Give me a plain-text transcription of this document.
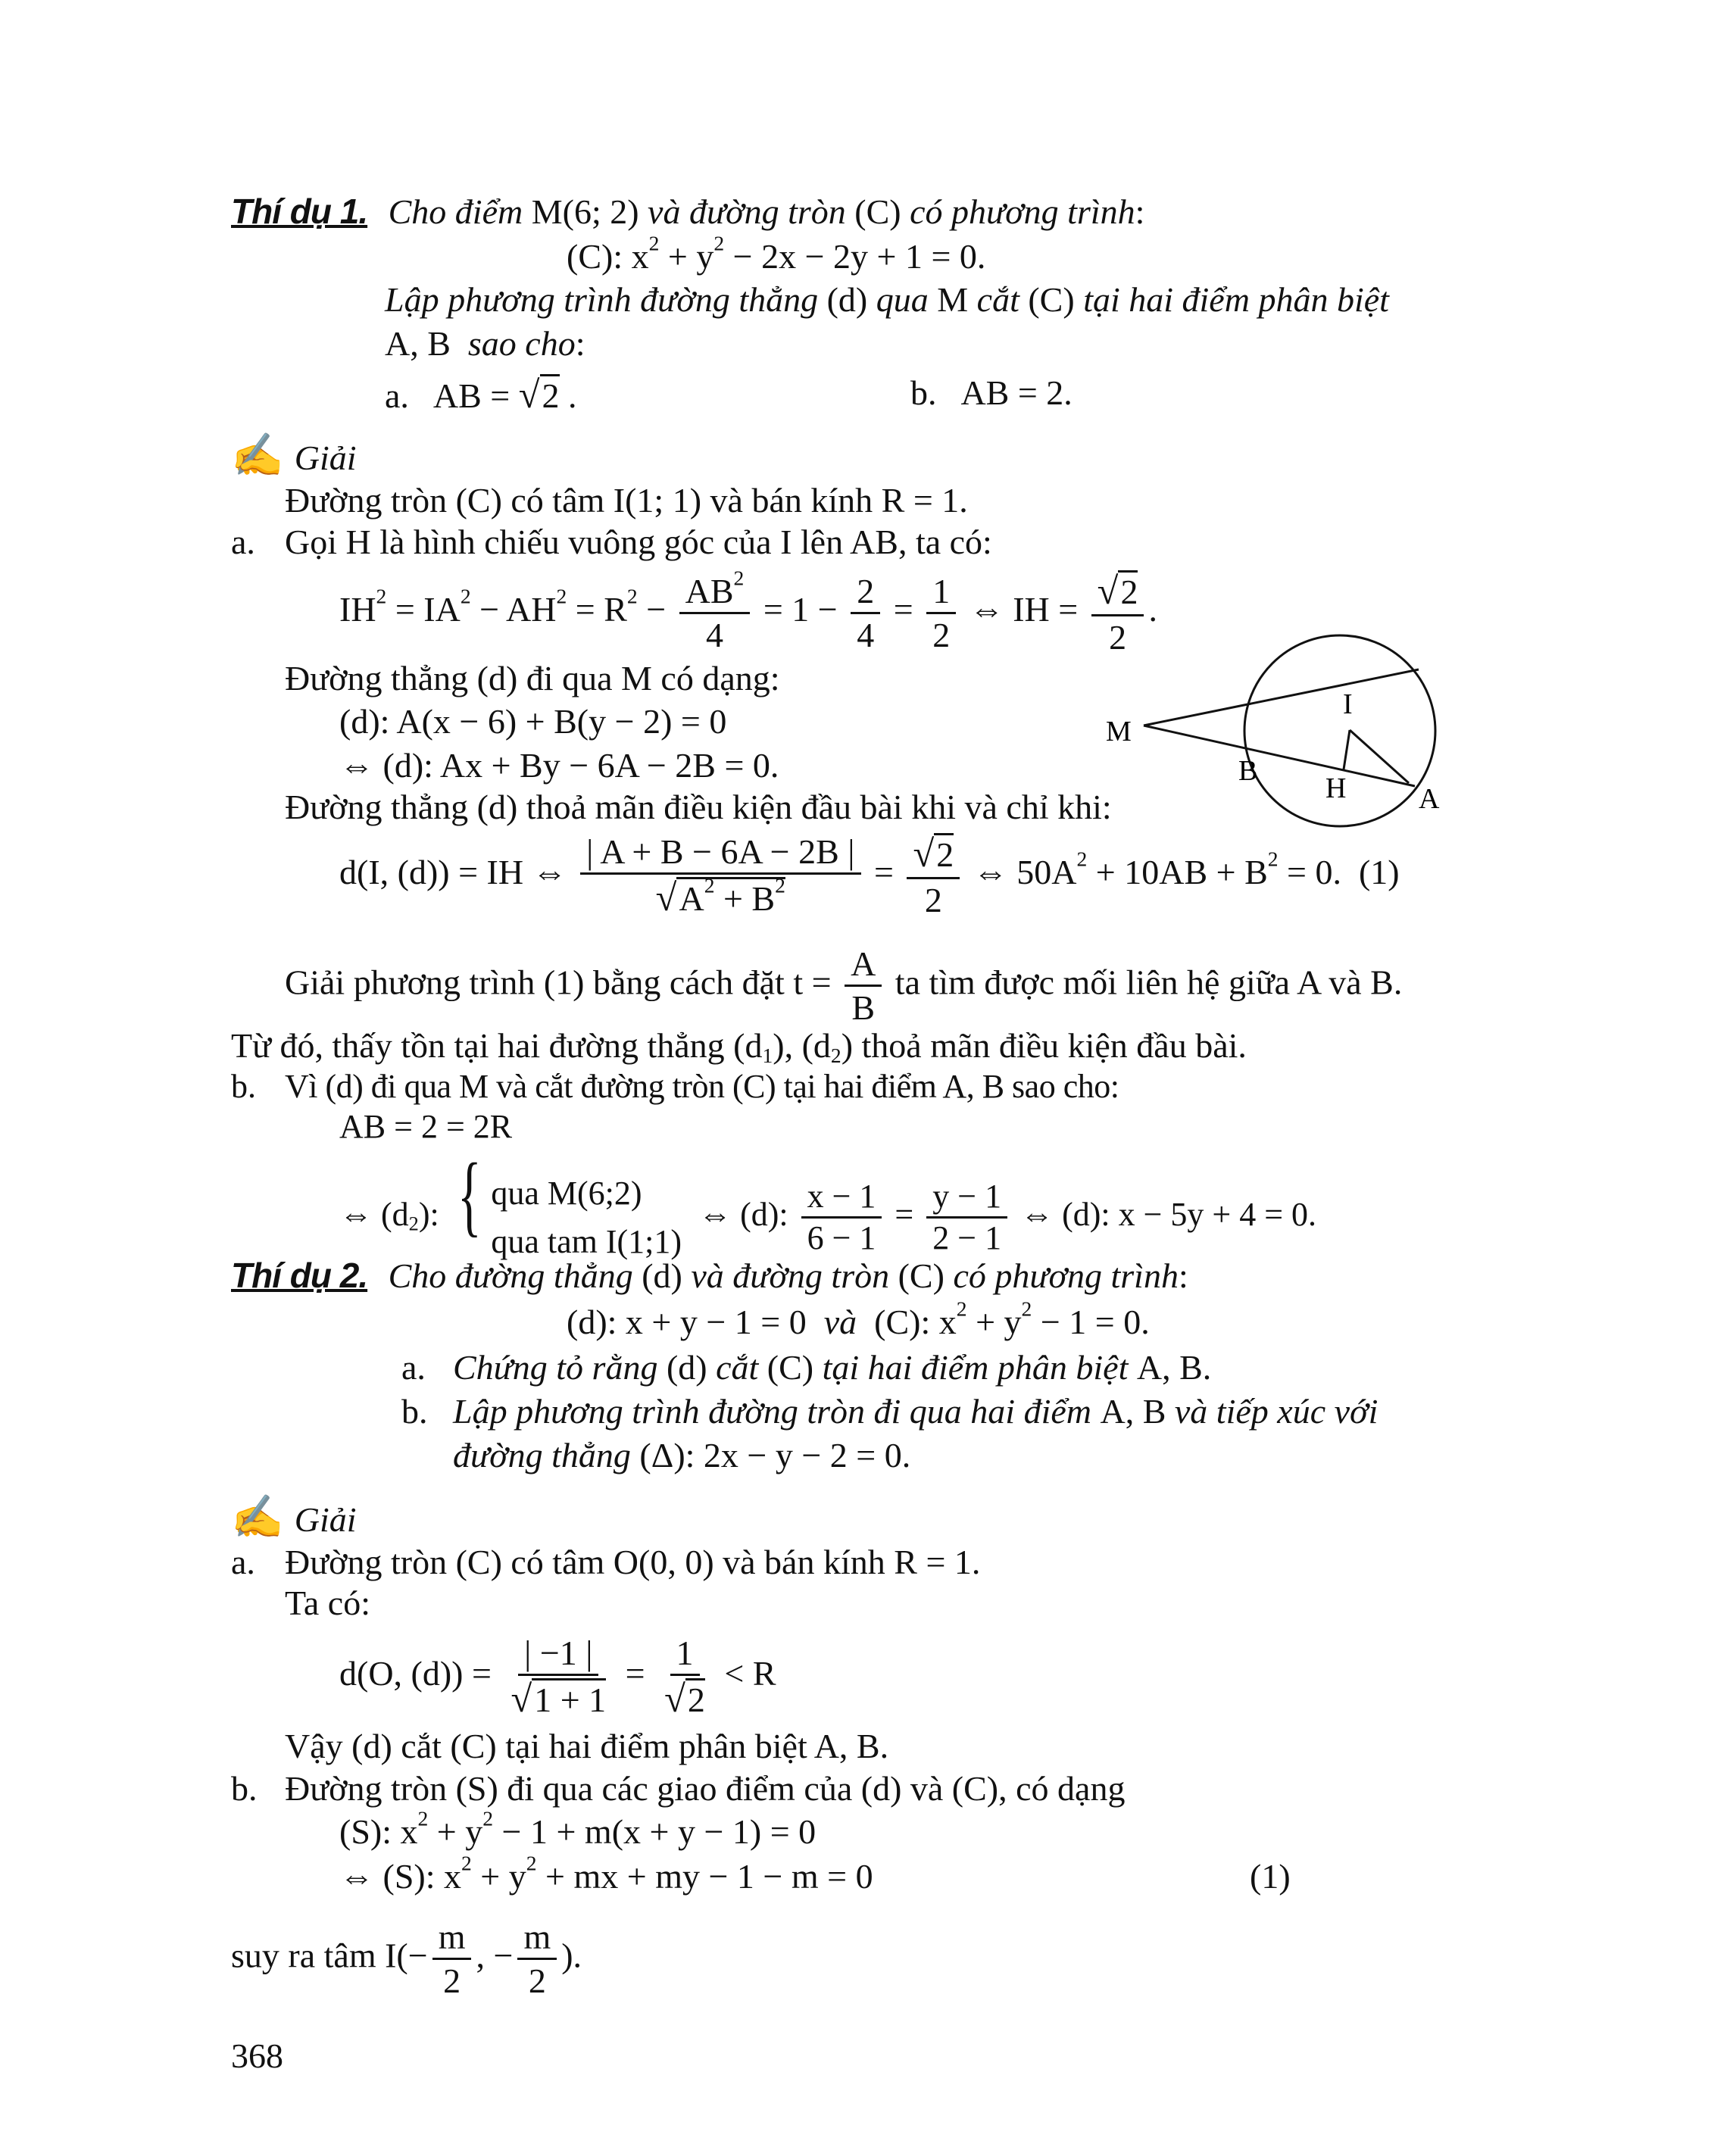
Thí dụ 1. Cho điểm M(6; 2) và đường tròn (C) có phương trình:
(C): $x^2 + y^2 - 2x - 2y + 1 = 0$.
Lập phương trình đường thẳng (d) qua M cắt (C) tại hai điểm phân biệt
A, B  sao cho:
a.   AB = √2 .	b.   AB = 2.
✍ Giải
Đường tròn (C) có tâm I(1; 1) và bán kính R = 1.
a. Gọi H là hình chiếu vuông góc của I lên AB, ta có:
$IH^2 = IA^2 - AH^2 = R^2 - \frac{AB^2}{4} = 1 - \frac{2}{4} = \frac{1}{2}$ ⇔ IH = $\frac{√2}{2}$ .
Đường thẳng (d) đi qua M có dạng:
(d): A(x − 6) + B(y − 2) = 0
⇔ (d): Ax + By − 6A − 2B = 0.
Đường thẳng (d) thoả mãn điều kiện đầu bài khi và chỉ khi:
d(I, (d)) = IH ⇔ $\frac{| A + B - 6A - 2B |}{√A^2 + B^2} = \frac{√2}{2}$ ⇔ $50A^2 + 10AB + B^2 = 0$.  (1)
Giải phương trình (1) bằng cách đặt $t = \frac{A}{B}$ ta tìm được mối liên hệ giữa A và B.
Từ đó, thấy tồn tại hai đường thẳng $(d_1)$, $(d_2)$ thoả mãn điều kiện đầu bài.
b. Vì (d) đi qua M và cắt đường tròn (C) tại hai điểm A, B sao cho:
AB = 2 = 2R
⇔ $(d_2)$: { qua M(6;2)
qua tam I(1;1)
⇔ (d): $\frac{x - 1}{6 - 1} = \frac{y - 1}{2 - 1}$ ⇔ (d): x − 5y + 4 = 0.
M
I
B
H	A
Thí dụ 2. Cho đường thẳng (d) và đường tròn (C) có phương trình:
(d): x + y − 1 = 0  và  (C): $x^2 + y^2 - 1 = 0$.
a. Chứng tỏ rằng (d) cắt (C) tại hai điểm phân biệt A, B.
b. Lập phương trình đường tròn đi qua hai điểm A, B và tiếp xúc với
đường thẳng (Δ): 2x − y − 2 = 0.
✍ Giải
a. Đường tròn (C) có tâm O(0, 0) và bán kính R = 1.
Ta có:
d(O, $(d)) = \frac{| -1 |}{√1 + 1} = \frac{1}{√2} < R$
Vậy (d) cắt (C) tại hai điểm phân biệt A, B.
b. Đường tròn (S) đi qua các giao điểm của (d) và (C), có dạng
(S): $x^2 + y^2 - 1 + m(x + y - 1) = 0$
⇔ (S): $x^2 + y^2$ + mx + my − 1 − m = 0	(1)
suy ra tâm $I(- \frac{m}{2}$ , − $\frac{m}{2}$ ).
368
